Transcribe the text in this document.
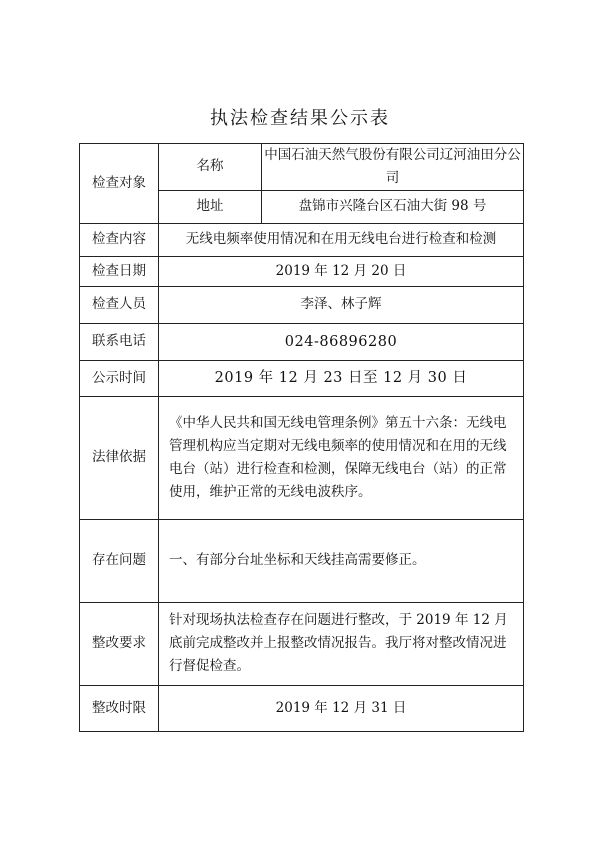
执法检查结果公示表
检查对象	名称	中国石油天然气股份有限公司辽河油田分公司
	地址	盘锦市兴隆台区石油大街 98 号
检查内容	无线电频率使用情况和在用无线电台进行检查和检测	
检查日期	2019 年 12 月 20 日	
检查人员	李泽、林子辉	
联系电话	024-86896280	
公示时间	2019 年 12 月 23 日至 12 月 30 日	
法律依据	《中华人民共和国无线电管理条例》第五十六条：无线电管理机构应当定期对无线电频率的使用情况和在用的无线电台（站）进行检查和检测，保障无线电台（站）的正常使用，维护正常的无线电波秩序。	
存在问题	一、有部分台址坐标和天线挂高需要修正。	
整改要求	针对现场执法检查存在问题进行整改，于 2019 年 12 月底前完成整改并上报整改情况报告。我厅将对整改情况进行督促检查。	
整改时限	2019 年 12 月 31 日	
